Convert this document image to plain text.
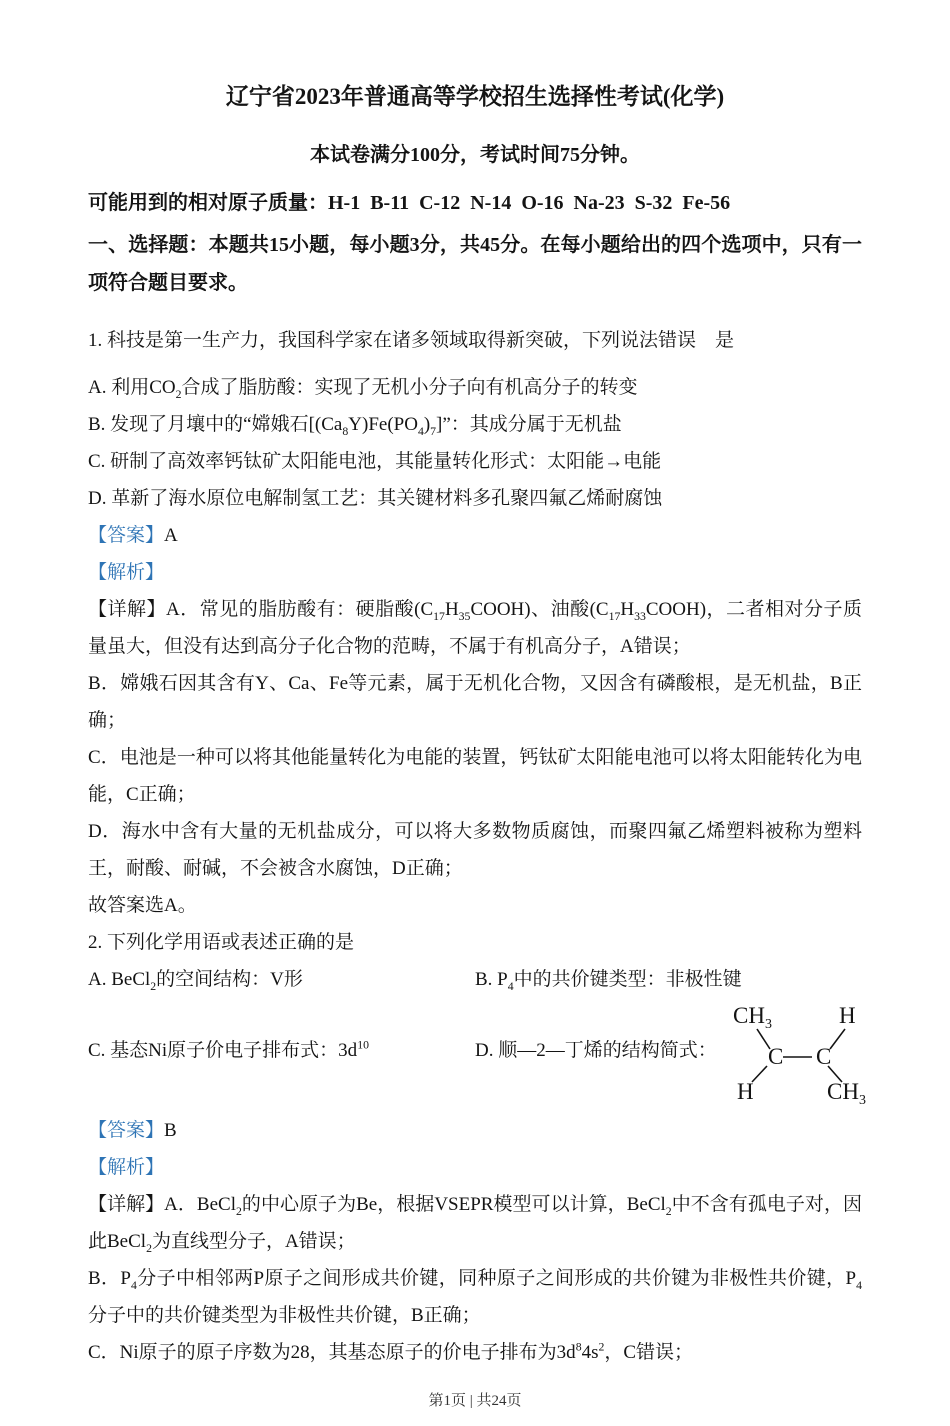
辽宁省2023年普通高等学校招生选择性考试(化学)
本试卷满分100分，考试时间75分钟。
可能用到的相对原子质量：H-1  B-11  C-12  N-14  O-16  Na-23  S-32  Fe-56
一、选择题：本题共15小题，每小题3分，共45分。在每小题给出的四个选项中，只有一项符合题目要求。

1. 科技是第一生产力，我国科学家在诸多领域取得新突破，下列说法错误　是

A. 利用$CO_2$合成了脂肪酸：实现了无机小分子向有机高分子的转变

B. 发现了月壤中的“嫦娥石$[(Ca_8Y)Fe(PO_4)_7]$”：其成分属于无机盐

C. 研制了高效率钙钛矿太阳能电池，其能量转化形式：太阳能→电能

D. 革新了海水原位电解制氢工艺：其关键材料多孔聚四氟乙烯耐腐蚀

【答案】A

【解析】

【详解】A．常见的脂肪酸有：硬脂酸$(C_{17}H_{35}COOH)$、油酸$(C_{17}H_{33}COOH)$，二者相对分子质量虽大，但没有达到高分子化合物的范畴，不属于有机高分子，A错误；

B．嫦娥石因其含有Y、Ca、Fe等元素，属于无机化合物，又因含有磷酸根，是无机盐，B正确；

C．电池是一种可以将其他能量转化为电能的装置，钙钛矿太阳能电池可以将太阳能转化为电能，C正确；

D．海水中含有大量的无机盐成分，可以将大多数物质腐蚀，而聚四氟乙烯塑料被称为塑料王，耐酸、耐碱，不会被含水腐蚀，D正确；

故答案选A。

2. 下列化学用语或表述正确的是

A. BeCl$_2$的空间结构：V形	B. $P_4$中的共价键类型：非极性键
C. 基态Ni原子价电子排布式：$3d^{10}$	D. 顺—2—丁烯的结构简式：
$CH_3$	H
C C
H	$CH_3$

【答案】B

【解析】

【详解】A．BeCl$_2$的中心原子为Be，根据VSEPR模型可以计算，BeCl$_2$中不含有孤电子对，因此BeCl$_2$为直线型分子，A错误；

B．$P_4$分子中相邻两P原子之间形成共价键，同种原子之间形成的共价键为非极性共价键，$P_4$分子中的共价键类型为非极性共价键，B正确；

C．Ni原子的原子序数为28，其基态原子的价电子排布为$3d^84s^2$，C错误；

第1页 | 共24页
